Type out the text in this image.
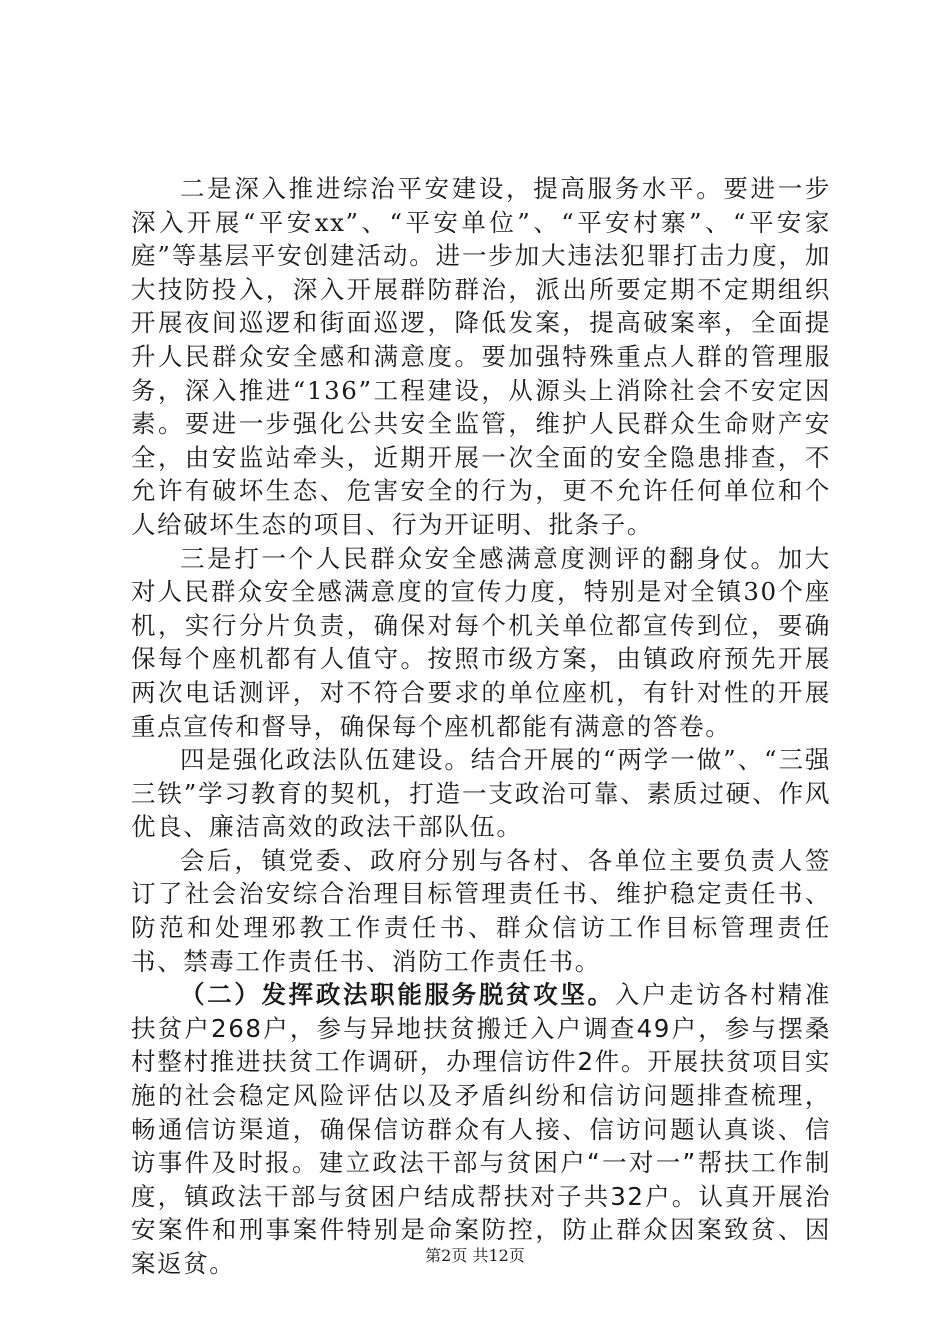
二是深入推进综治平安建设，提高服务水平。要进一步深入开展“平安xx”、“平安单位”、“平安村寨”、“平安家庭”等基层平安创建活动。进一步加大违法犯罪打击力度，加大技防投入，深入开展群防群治，派出所要定期不定期组织开展夜间巡逻和街面巡逻，降低发案，提高破案率，全面提升人民群众安全感和满意度。要加强特殊重点人群的管理服务，深入推进“136”工程建设，从源头上消除社会不安定因素。要进一步强化公共安全监管，维护人民群众生命财产安全，由安监站牵头，近期开展一次全面的安全隐患排查，不允许有破坏生态、危害安全的行为，更不允许任何单位和个人给破坏生态的项目、行为开证明、批条子。

三是打一个人民群众安全感满意度测评的翻身仗。加大对人民群众安全感满意度的宣传力度，特别是对全镇30个座机，实行分片负责，确保对每个机关单位都宣传到位，要确保每个座机都有人值守。按照市级方案，由镇政府预先开展两次电话测评，对不符合要求的单位座机，有针对性的开展重点宣传和督导，确保每个座机都能有满意的答卷。

四是强化政法队伍建设。结合开展的“两学一做”、“三强三铁”学习教育的契机，打造一支政治可靠、素质过硬、作风优良、廉洁高效的政法干部队伍。

会后，镇党委、政府分别与各村、各单位主要负责人签订了社会治安综合治理目标管理责任书、维护稳定责任书、防范和处理邪教工作责任书、群众信访工作目标管理责任书、禁毒工作责任书、消防工作责任书。

（二）发挥政法职能服务脱贫攻坚。入户走访各村精准扶贫户268户，参与异地扶贫搬迁入户调查49户，参与摆桑村整村推进扶贫工作调研，办理信访件2件。开展扶贫项目实施的社会稳定风险评估以及矛盾纠纷和信访问题排查梳理，畅通信访渠道，确保信访群众有人接、信访问题认真谈、信访事件及时报。建立政法干部与贫困户“一对一”帮扶工作制度，镇政法干部与贫困户结成帮扶对子共32户。认真开展治安案件和刑事案件特别是命案防控，防止群众因案致贫、因案返贫。	第2页 共12页
